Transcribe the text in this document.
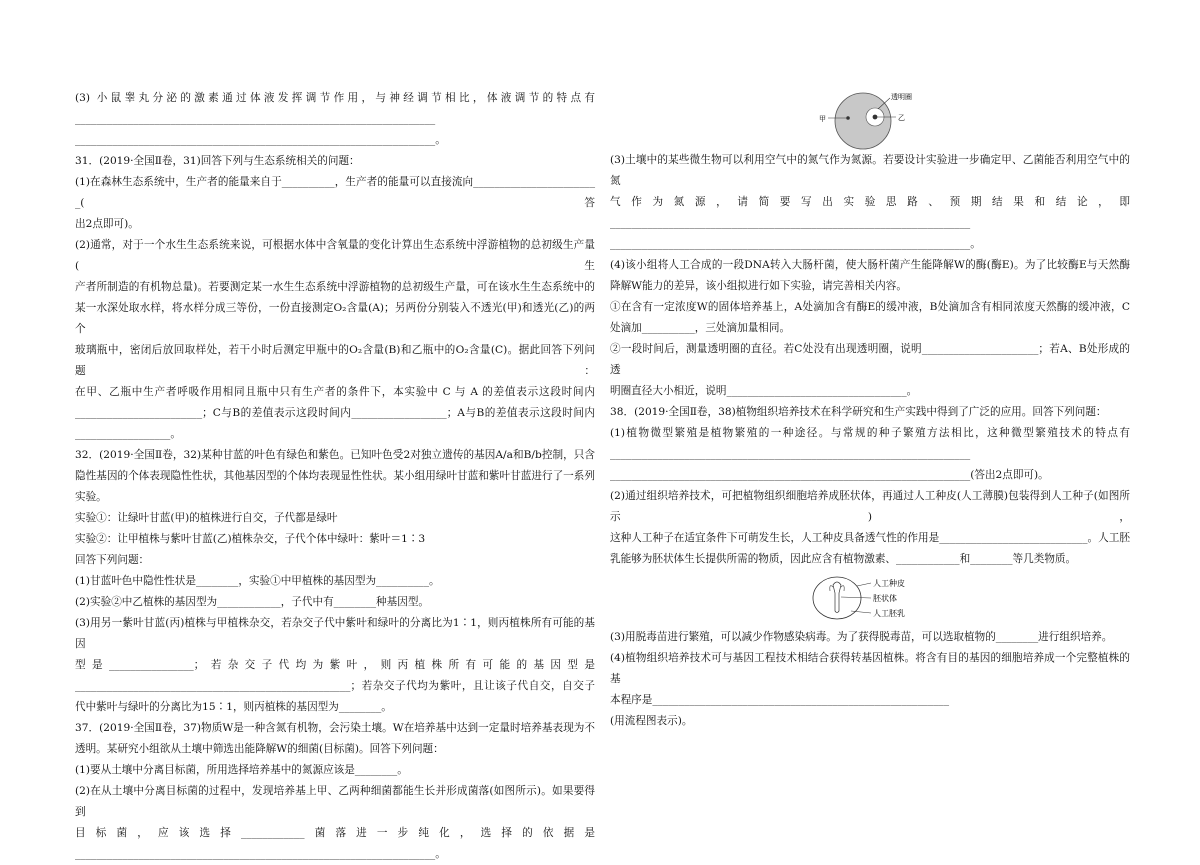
(3) 小鼠睾丸分泌的激素通过体液发挥调节作用，与神经调节相比，体液调节的特点有

____________________________________________________________________

____________________________________________________________________。

31．(2019·全国Ⅱ卷，31)回答下列与生态系统相关的问题：

(1)在森林生态系统中，生产者的能量来自于__________，生产者的能量可以直接流向________________________(答

出2点即可)。

(2)通常，对于一个水生生态系统来说，可根据水体中含氧量的变化计算出生态系统中浮游植物的总初级生产量(生

产者所制造的有机物总量)。若要测定某一水生生态系统中浮游植物的总初级生产量，可在该水生生态系统中的

某一水深处取水样，将水样分成三等份，一份直接测定O₂含量(A)；另两份分别装入不透光(甲)和透光(乙)的两个

玻璃瓶中，密闭后放回取样处，若干小时后测定甲瓶中的O₂含量(B)和乙瓶中的O₂含量(C)。据此回答下列问题：

在甲、乙瓶中生产者呼吸作用相同且瓶中只有生产者的条件下，本实验中 C 与 A 的差值表示这段时间内

________________________；C与B的差值表示这段时间内__________________；A与B的差值表示这段时间内

__________________。

32．(2019·全国Ⅱ卷，32)某种甘蓝的叶色有绿色和紫色。已知叶色受2对独立遗传的基因A/a和B/b控制，只含

隐性基因的个体表现隐性性状，其他基因型的个体均表现显性性状。某小组用绿叶甘蓝和紫叶甘蓝进行了一系列

实验。

实验①：让绿叶甘蓝(甲)的植株进行自交，子代都是绿叶

实验②：让甲植株与紫叶甘蓝(乙)植株杂交，子代个体中绿叶：紫叶＝1∶3

回答下列问题：

(1)甘蓝叶色中隐性性状是________，实验①中甲植株的基因型为__________。

(2)实验②中乙植株的基因型为____________，子代中有________种基因型。

(3)用另一紫叶甘蓝(丙)植株与甲植株杂交，若杂交子代中紫叶和绿叶的分离比为1∶1，则丙植株所有可能的基因

型是________________；若杂交子代均为紫叶，则丙植株所有可能的基因型是

____________________________________________________；若杂交子代均为紫叶，且让该子代自交，自交子

代中紫叶与绿叶的分离比为15∶1，则丙植株的基因型为________。

37．(2019·全国Ⅱ卷，37)物质W是一种含氮有机物，会污染土壤。W在培养基中达到一定量时培养基表现为不

透明。某研究小组欲从土壤中筛选出能降解W的细菌(目标菌)。回答下列问题：

(1)要从土壤中分离目标菌，所用选择培养基中的氮源应该是________。

(2)在从土壤中分离目标菌的过程中，发现培养基上甲、乙两种细菌都能生长并形成菌落(如图所示)。如果要得到

目标菌，应该选择____________菌落进一步纯化，选择的依据是

____________________________________________________________________。

透明圈
甲	乙

(3)土壤中的某些微生物可以利用空气中的氮气作为氮源。若要设计实验进一步确定甲、乙菌能否利用空气中的氮

气作为氮源，请简要写出实验思路、预期结果和结论，即

____________________________________________________________________

____________________________________________________________________。

(4)该小组将人工合成的一段DNA转入大肠杆菌，使大肠杆菌产生能降解W的酶(酶E)。为了比较酶E与天然酶

降解W能力的差异，该小组拟进行如下实验，请完善相关内容。

①在含有一定浓度W的固体培养基上，A处滴加含有酶E的缓冲液，B处滴加含有相同浓度天然酶的缓冲液，C

处滴加__________，三处滴加量相同。

②一段时间后，测量透明圈的直径。若C处没有出现透明圈，说明______________________；若A、B处形成的透

明圈直径大小相近，说明__________________________________。

38．(2019·全国Ⅱ卷，38)植物组织培养技术在科学研究和生产实践中得到了广泛的应用。回答下列问题：

(1)植物微型繁殖是植物繁殖的一种途径。与常规的种子繁殖方法相比，这种微型繁殖技术的特点有

____________________________________________________________________

____________________________________________________________________(答出2点即可)。

(2)通过组织培养技术，可把植物组织细胞培养成胚状体，再通过人工种皮(人工薄膜)包装得到人工种子(如图所示)，

这种人工种子在适宜条件下可萌发生长，人工种皮具备透气性的作用是____________________________。人工胚

乳能够为胚状体生长提供所需的物质，因此应含有植物激素、____________和________等几类物质。

人工种皮
胚状体
人工胚乳

(3)用脱毒苗进行繁殖，可以减少作物感染病毒。为了获得脱毒苗，可以选取植物的________进行组织培养。

(4)植物组织培养技术可与基因工程技术相结合获得转基因植株。将含有目的基因的细胞培养成一个完整植株的基

本程序是________________________________________________________

(用流程图表示)。
